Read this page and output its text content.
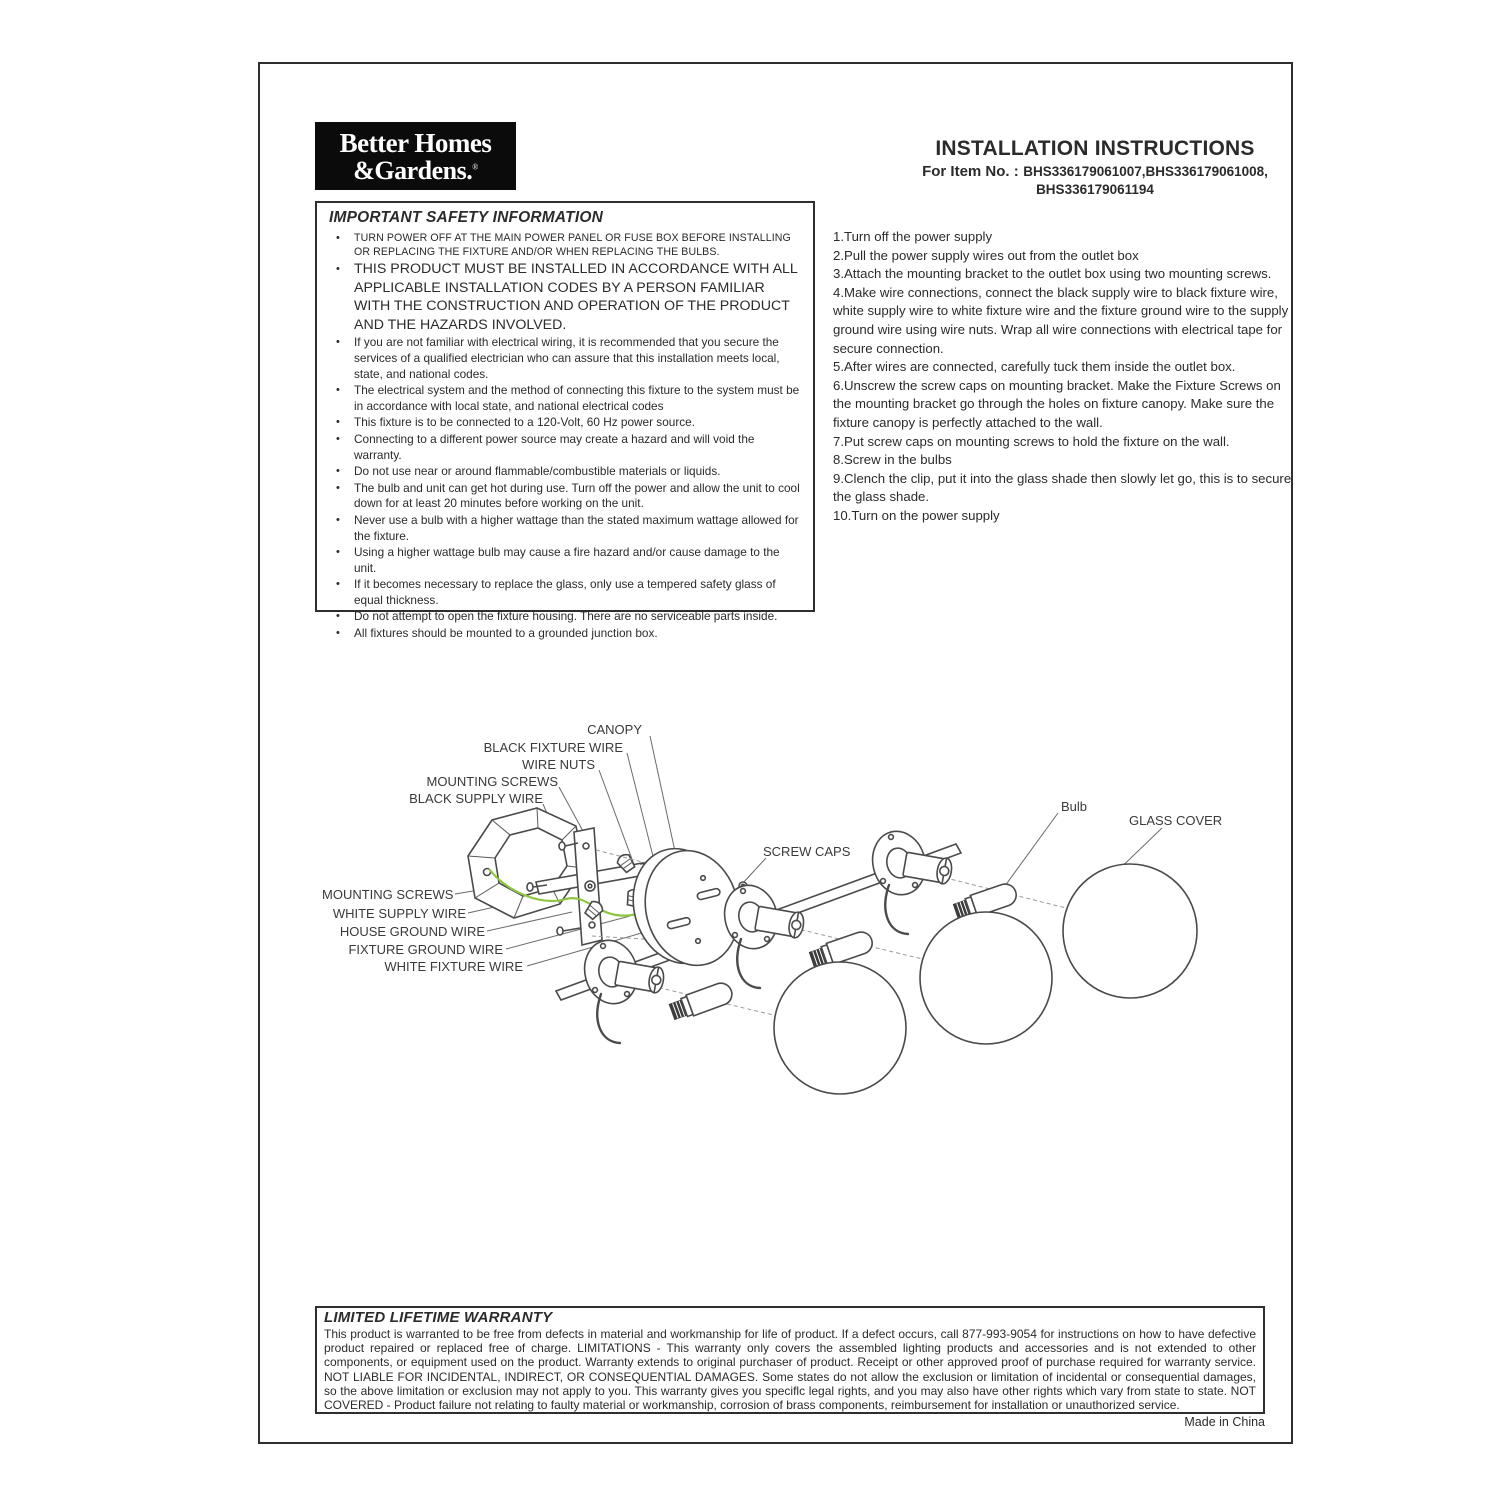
Better Homes
&Gardens.®
INSTALLATION INSTRUCTIONS
For Item No. : BHS336179061007,BHS336179061008,
BHS336179061194
IMPORTANT SAFETY INFORMATION
• TURN POWER OFF AT THE MAIN POWER PANEL OR FUSE BOX BEFORE INSTALLING OR REPLACING THE FIXTURE AND/OR WHEN REPLACING THE BULBS.
• THIS PRODUCT MUST BE INSTALLED IN ACCORDANCE WITH ALL APPLICABLE INSTALLATION CODES BY A PERSON FAMILIAR WITH THE CONSTRUCTION AND OPERATION OF THE PRODUCT AND THE HAZARDS INVOLVED.
• If you are not familiar with electrical wiring, it is recommended that you secure the services of a qualified electrician who can assure that this installation meets local, state, and national codes.
• The electrical system and the method of connecting this fixture to the system must be in accordance with local state, and national electrical codes
• This fixture is to be connected to a 120-Volt, 60 Hz power source.
• Connecting to a different power source may create a hazard and will void the warranty.
• Do not use near or around flammable/combustible materials or liquids.
• The bulb and unit can get hot during use. Turn off the power and allow the unit to cool down for at least 20 minutes before working on the unit.
• Never use a bulb with a higher wattage than the stated maximum wattage allowed for the fixture.
• Using a higher wattage bulb may cause a fire hazard and/or cause damage to the unit.
• If it becomes necessary to replace the glass, only use a tempered safety glass of equal thickness.
• Do not attempt to open the fixture housing. There are no serviceable parts inside.
• All fixtures should be mounted to a grounded junction box.
1.Turn off the power supply
2.Pull the power supply wires out from the outlet box
3.Attach the mounting bracket to the outlet box using two mounting screws.
4.Make wire connections, connect the black supply wire to black fixture wire, white supply wire to white fixture wire and the fixture ground wire to the supply ground wire using wire nuts. Wrap all wire connections with electrical tape for secure connection.
5.After wires are connected, carefully tuck them inside the outlet box.
6.Unscrew the screw caps on mounting bracket. Make the Fixture Screws on the mounting bracket go through the holes on fixture canopy. Make sure the fixture canopy is perfectly attached to the wall.
7.Put screw caps on mounting screws to hold the fixture on the wall.
8.Screw in the bulbs
9.Clench the clip, put it into the glass shade then slowly let go, this is to secure the glass shade.
10.Turn on the power supply
CANOPY
BLACK FIXTURE WIRE
WIRE NUTS
MOUNTING SCREWS
BLACK SUPPLY WIRE
MOUNTING SCREWS
WHITE SUPPLY WIRE
HOUSE GROUND WIRE
FIXTURE GROUND WIRE
WHITE FIXTURE WIRE
SCREW CAPS
Bulb
GLASS COVER
LIMITED LIFETIME WARRANTY

This product is warranted to be free from defects in material and workmanship for life of product. If a defect occurs, call 877-993-9054 for instructions on how to have defective product repaired or replaced free of charge. LIMITATIONS - This warranty only covers the assembled lighting products and accessories and is not extended to other components, or equipment used on the product. Warranty extends to original purchaser of product. Receipt or other approved proof of purchase required for warranty service. NOT LIABLE FOR INCIDENTAL, INDIRECT, OR CONSEQUENTIAL DAMAGES. Some states do not allow the exclusion or limitation of incidental or consequential damages, so the above limitation or exclusion may not apply to you. This warranty gives you speciflc legal rights, and you may also have other rights which vary from state to state. NOT COVERED - Product failure not relating to faulty material or workmanship, corrosion of brass components, reimbursement for installation or unauthorized service.

Made in China
